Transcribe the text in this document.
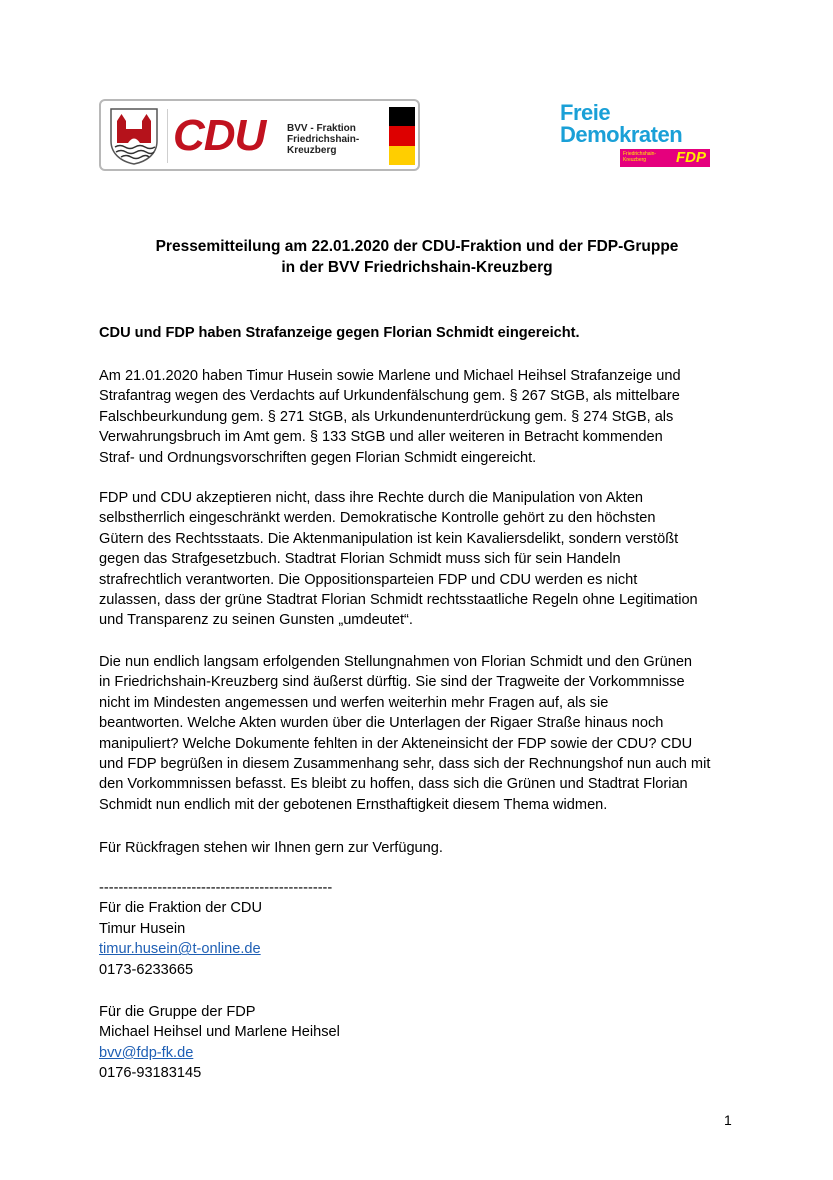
CDU BVV - Fraktion
Friedrichshain-
Kreuzberg
Freie
Demokraten
Friedrichshain-
Kreuzberg	FDP
Pressemitteilung am 22.01.2020 der CDU-Fraktion und der FDP-Gruppe
in der BVV Friedrichshain-Kreuzberg
CDU und FDP haben Strafanzeige gegen Florian Schmidt eingereicht.
Am 21.01.2020 haben Timur Husein sowie Marlene und Michael Heihsel Strafanzeige und
Strafantrag wegen des Verdachts auf Urkundenfälschung gem. § 267 StGB, als mittelbare
Falschbeurkundung gem. § 271 StGB, als Urkundenunterdrückung gem. § 274 StGB, als
Verwahrungsbruch im Amt gem. § 133 StGB und aller weiteren in Betracht kommenden
Straf- und Ordnungsvorschriften gegen Florian Schmidt eingereicht.
FDP und CDU akzeptieren nicht, dass ihre Rechte durch die Manipulation von Akten
selbstherrlich eingeschränkt werden. Demokratische Kontrolle gehört zu den höchsten
Gütern des Rechtsstaats. Die Aktenmanipulation ist kein Kavaliersdelikt, sondern verstößt
gegen das Strafgesetzbuch. Stadtrat Florian Schmidt muss sich für sein Handeln
strafrechtlich verantworten. Die Oppositionsparteien FDP und CDU werden es nicht
zulassen, dass der grüne Stadtrat Florian Schmidt rechtsstaatliche Regeln ohne Legitimation
und Transparenz zu seinen Gunsten „umdeutet“.
Die nun endlich langsam erfolgenden Stellungnahmen von Florian Schmidt und den Grünen
in Friedrichshain-Kreuzberg sind äußerst dürftig. Sie sind der Tragweite der Vorkommnisse
nicht im Mindesten angemessen und werfen weiterhin mehr Fragen auf, als sie
beantworten. Welche Akten wurden über die Unterlagen der Rigaer Straße hinaus noch
manipuliert? Welche Dokumente fehlten in der Akteneinsicht der FDP sowie der CDU? CDU
und FDP begrüßen in diesem Zusammenhang sehr, dass sich der Rechnungshof nun auch mit
den Vorkommnissen befasst. Es bleibt zu hoffen, dass sich die Grünen und Stadtrat Florian
Schmidt nun endlich mit der gebotenen Ernsthaftigkeit diesem Thema widmen.
Für Rückfragen stehen wir Ihnen gern zur Verfügung.
------------------------------------------------
Für die Fraktion der CDU
Timur Husein
timur.husein@t-online.de
0173-6233665
Für die Gruppe der FDP
Michael Heihsel und Marlene Heihsel
bvv@fdp-fk.de
0176-93183145
1
